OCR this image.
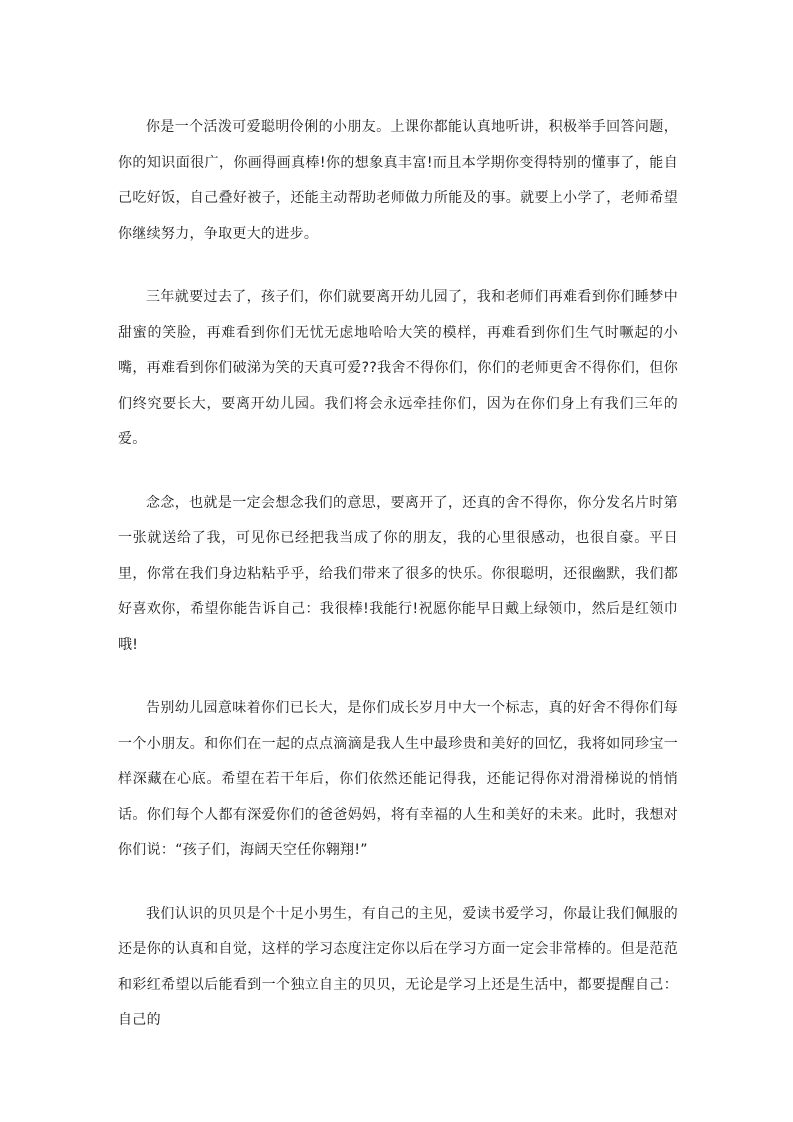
你是一个活泼可爱聪明伶俐的小朋友。上课你都能认真地听讲，积极举手回答问题，你的知识面很广，你画得画真棒!你的想象真丰富!而且本学期你变得特别的懂事了，能自己吃好饭，自己叠好被子，还能主动帮助老师做力所能及的事。就要上小学了，老师希望你继续努力，争取更大的进步。

三年就要过去了，孩子们，你们就要离开幼儿园了，我和老师们再难看到你们睡梦中甜蜜的笑脸，再难看到你们无忧无虑地哈哈大笑的模样，再难看到你们生气时噘起的小嘴，再难看到你们破涕为笑的天真可爱??我舍不得你们，你们的老师更舍不得你们，但你们终究要长大，要离开幼儿园。我们将会永远牵挂你们，因为在你们身上有我们三年的爱。

念念，也就是一定会想念我们的意思，要离开了，还真的舍不得你，你分发名片时第一张就送给了我，可见你已经把我当成了你的朋友，我的心里很感动，也很自豪。平日里，你常在我们身边粘粘乎乎，给我们带来了很多的快乐。你很聪明，还很幽默，我们都好喜欢你，希望你能告诉自己：我很棒!我能行!祝愿你能早日戴上绿领巾，然后是红领巾哦!

告别幼儿园意味着你们已长大，是你们成长岁月中大一个标志，真的好舍不得你们每一个小朋友。和你们在一起的点点滴滴是我人生中最珍贵和美好的回忆，我将如同珍宝一样深藏在心底。希望在若干年后，你们依然还能记得我，还能记得你对滑滑梯说的悄悄话。你们每个人都有深爱你们的爸爸妈妈，将有幸福的人生和美好的未来。此时，我想对你们说：“孩子们，海阔天空任你翱翔!”

我们认识的贝贝是个十足小男生，有自己的主见，爱读书爱学习，你最让我们佩服的还是你的认真和自觉，这样的学习态度注定你以后在学习方面一定会非常棒的。但是范范和彩红希望以后能看到一个独立自主的贝贝，无论是学习上还是生活中，都要提醒自己：自己的
